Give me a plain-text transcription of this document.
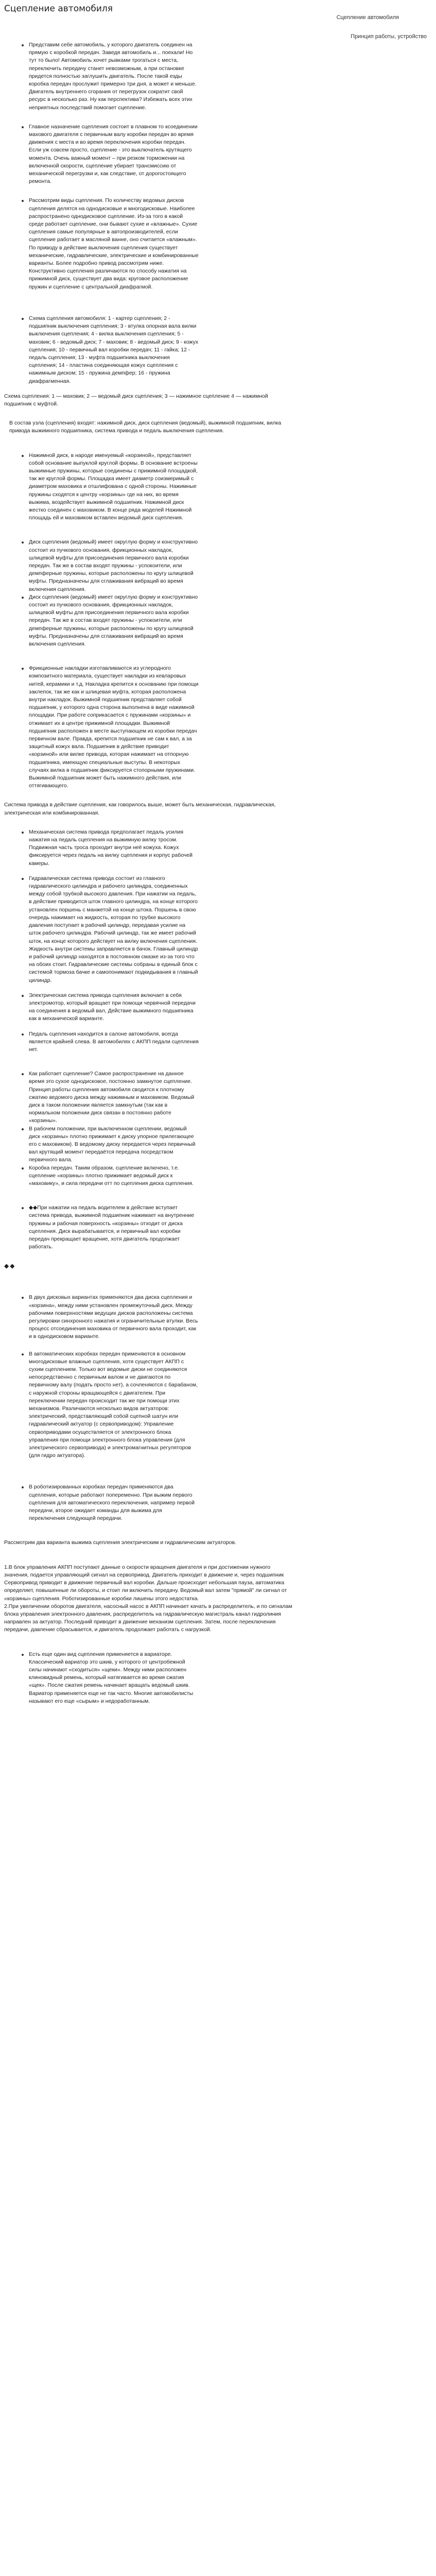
Сцепление автомобиля
Сцепление автомобиля
Принцип работы, устройство
Представим себе автомобиль, у которого двигатель соединен на прямую с коробкой передач. Заведя автомобиль и... поехали! Но тут то было! Автомобиль хочет рывками трогаться с места, переключить передачу станет невозможным, а при остановке придется полностью заглушить двигатель. После такой езды коробка передач прослужит примерно три дня, а может и меньше. Двигатель внутреннего сгорания от перегрузок сократит свой ресурс в несколько раз. Ну как перспектива? Избежать всех этих неприятных последствий помогает сцепление.
Главное назначение сцепления состоит в плавном то ксоединении махового двигателя с первичным валу коробки передач во время движения с места и во время переключения коробки передач. Если уж совсем просто, сцепление - это выключатель крутящего момента. Очень важный момент – при резком торможении на включенной скорости, сцепление убирает трансмиссию от механической перегрузки и, как следствие, от дорогостоящего ремонта.
Рассмотрим виды сцепления. По количеству ведомых дисков сцепления делятся на однодисковые и многодисковые. Наиболее распространено однодисковое сцепление. Из-за того в какой среде работает сцепление, они бывают сухие и «влажные». Сухие сцепления самые популярные в автопроизводителей, если сцепление работает в масляной ванне, оно считается «влажным». По приводу в действие выключения сцепления существует механические, гидравлические, электрические и комбинированные варианты. Более подробно привод рассмотрим ниже. Конструктивно сцепления различаются по способу нажатия на прижимной диск, существует два вида: круговое расположение пружин и сцепление с центральной диафрагмой.
Схема сцепления автомобиля: 1 - картер сцепления; 2 - подшипник выключения сцепления; 3 - втулка опорная вала вилки выключения сцепления; 4 - вилка выключения сцепления; 5 - маховик; 6 - ведомый диск; 7 - маховик; 8 - ведомый диск; 9 - кожух сцепления; 10 - первичный вал коробки передач; 11 - гайка; 12 - педаль сцепления; 13 - муфта подшипника выключения сцепления; 14 - пластина соединяющая кожух сцепления с нажимным диском; 15 - пружина демпфер; 16 - пружина диафрагменная.
Схема сцепления: 1 — маховик; 2 — ведомый диск сцепления; 3 — нажимное сцепление 4 — нажимной подшипник с муфтой.
В состав узла (сцепления) входят: нажимной диск, диск сцепления (ведомый), выжимной подшипник, вилка привода выжимного подшипника, система привода и педаль выключения сцепления.
Нажимной диск, в народе именуемый «корзиной», представляет собой основание выпуклой круглой формы. В основание встроены выжимные пружины, которые соединены с прижимной площадкой, так же круглой формы. Площадка имеет диаметр соизмеримый с диаметром маховика и отшлифована с одной стороны. Нажимные пружины сходятся к центру «корзины» где на них, во время выжима, воздействует выжимной подшипник. Нажимной диск жестко соединен с маховиком. В конце ряда моделей Нажимной площадь ей и маховиком вставлен ведомый диск сцепления.
Диск сцепления (ведомый) имеет округлую форму и конструктивно состоит из пучкового основания, фрикционных накладок, шлицевой муфты для присоединения первичного вала коробки передач. Так же в состав входят пружины - успокоители, или демпферные пружины, которые расположены по кругу шлицевой муфты. Предназначены для сглаживания вибраций во время включения сцепления.
Диск сцепления (ведомый) имеет округлую форму и конструктивно состоит из пучкового основания, фрикционных накладок, шлицевой муфты для присоединения первичного вала коробки передач. Так же в состав входят пружины - успокоители, или демпферные пружины, которые расположены по кругу шлицевой муфты. Предназначены для сглаживания вибраций во время включения сцепления.
Фрикционные накладки изготавливаются из углеродного композитного материала, существует накладки из кевларовых нитей, керамики и т.д. Накладка крепится к основанию при помощи заклепок, так же как и шлицевая муфта, которая расположена внутри накладок. Выжимной подшипник представляет собой подшипник, у которого одна сторона выполнена в виде нажимной площадки. При работе соприкасается с пружинами «корзины» и отжимает их в центре прижимной площадки. Выжимной подшипник расположен в месте выступающем из коробки передач первичном вале. Правда, крепится подшипник не сам к вал, а за защитный кожух вала. Подшипник в действие приводит «корзиной» или вилке привода, которая нажимает на отпорную подшипника, имеющую специальные выступы. В некоторых случаях вилка в подшипник фиксируется стопорными пружинами. Выжимной подшипник может быть нажимного действия, или оттягивающего.
Система привода в действие сцепления, как говорилось выше, может быть механическая, гидравлическая, электрическая или комбинированная.
Механическая система привода предполагает педаль усилия нажатия на педаль сцепления на выжимную вилку тросом. Подвижная часть троса проходит внутри неё кожуха. Кожух фиксируется через педаль на вилку сцепления и корпус рабочей камеры.
Гидравлическая система привода состоит из главного гидравлического цилиндра и рабочего цилиндра, соединенных между собой трубкой высокого давления. При нажатии на педаль, в действие приводится шток главного цилиндра, на конце которого установлен поршень с манжетой на конце штока. Поршень в свою очередь нажимает на жидкость, которая по трубке высокого давления поступает в рабочий цилиндр, передавая усилие на шток рабочего цилиндра. Рабочий цилиндр, так же имеет рабочий шток, на конце которого действует на вилку включения сцепления. Жидкость внутри системы заправляется в бачок. Главный цилиндр и рабочий цилиндр находятся в постоянном смазке из-за того что на обоих стоит. Гидравлические системы собраны в единый блок с системой тормоза бачке и самопонимают подкидывания в главный цилиндр.
Электрическая система привода сцепления включает в себя электромотор, который вращает при помощи червячной передачи на соединения в ведомый вал, Действие выжимного подшипника как в механической варианте.
Педаль сцепления находится в салоне автомобиля, всегда является крайней слева. В автомобилях с АКПП педали сцепления нет.
Как работает сцепление? Самое распространение на данное время это сухое однодисковое, постоянно замкнутое сцепление. Принцип работы сцепления автомобиля сводится к плотному сжатию ведомого диска между нажимным и маховиком. Ведомый диск в таком положении является замкнутым (так как в нормальном положении диск связан в постоянно работе «корзины».
В рабочем положении, при выключенном сцеплении, ведомый диск «корзины» плотно прижимает к диску упорное прилегающее его с маховиком). В ведомому диску передается через первичный вал крутящий момент передаётся передача посредством первичного вала.
Коробка передач. Таким образом, сцепление включено, т.е. сцепление «корзины» плотно прижимает ведомый диск к «маховику», и сила передачи отт по сцепления диска сцепления.
◆◆При нажатии на педаль водителем в действие вступает система привода, выжимной подшипник нажимает на внутренние пружины и рабочая поверхность «корзины» отходит от диска сцепления. Диск вырабатывается, и первичный вал коробки передач прекращает вращение, хотя двигатель продолжает работать.
◆◆
В двух дисковых вариантах применяются два диска сцепления и «корзина», между ними установлен промежуточный диск. Между рабочими поверхностями ведущих дисков расположены система регулировки синхронного нажатия и ограничительные втулки. Весь процесс отсоединения маховика от первичного вала проходит, как и в однодисковом варианте.
В автоматических коробках передач применяются в основном многодисковые влажные сцепления, хотя существует АКПП с сухим сцеплением. Только вот ведомые диски не соединяются непосредственно с первичным валом и не двигаются по первичному валу (подать просто нет), а сочленяются с барабаном, с наружной стороны вращающейся с двигателем. При переключении передач происходит так же при помощи этих механизмов. Различаются несколько видов актуаторов: электрический, представляющий собой сцепной шатун или гидравлический актуатор (с сервоприводом): Управление сервоприводами осуществляется от электронного блока управления при помощи электронного блока управления (для электрического сервопривода) и электромагнитных регуляторов (для гидро актуатора).
В роботизированных коробках передач применяются два сцепления, которые работают попеременно. При выжим первого сцепления для автоматического переключения, например первой передачи, второе ожидает команды для выжима для переключения следующей передачи.
Рассмотрим два варианта выжима сцепления электрическим и гидравлическим актуаторов.
1.В блок управления АКПП поступают данные о скорости вращения двигателя и при достижении нужного значения, подается управляющий сигнал на сервопривод. Двигатель приходит в движение и, через подшипник Сервопривод приводит в движение первичный вал коробки. Дальше происходит небольшая пауза, автоматика определяет, повышенные ли обороты, и стоит ли включить передачу. Ведомый вал затем "прямой" ли сигнал от «корзины» сцепления. Роботизированные коробки лишены этого недостатка.
2.При увеличении оборотов двигателя, насосный насос в АКПП начинает качать в распределитель, и по сигналам блока управления электронного давления, распределитель на гидравлическую магистраль канал гидролиния направлен за актуатор. Последний приводит в движение механизм сцепления. Затем, после переключения передачи, давление сбрасывается, и двигатель продолжает работать с нагрузкой.
Есть еще один вид сцепления применяется в вариаторе. Классический вариатор это шкив, у которого от центробежной силы начинают «сходиться» «щеки». Между ними расположен клиновидный ремень, который натягивается во время сжатия «щек». После сжатия ремень начинает вращать ведомый шкив. Вариатор применяется еще не так часто. Многие автомобилисты называют его еще «сырым» и недоработанным.
